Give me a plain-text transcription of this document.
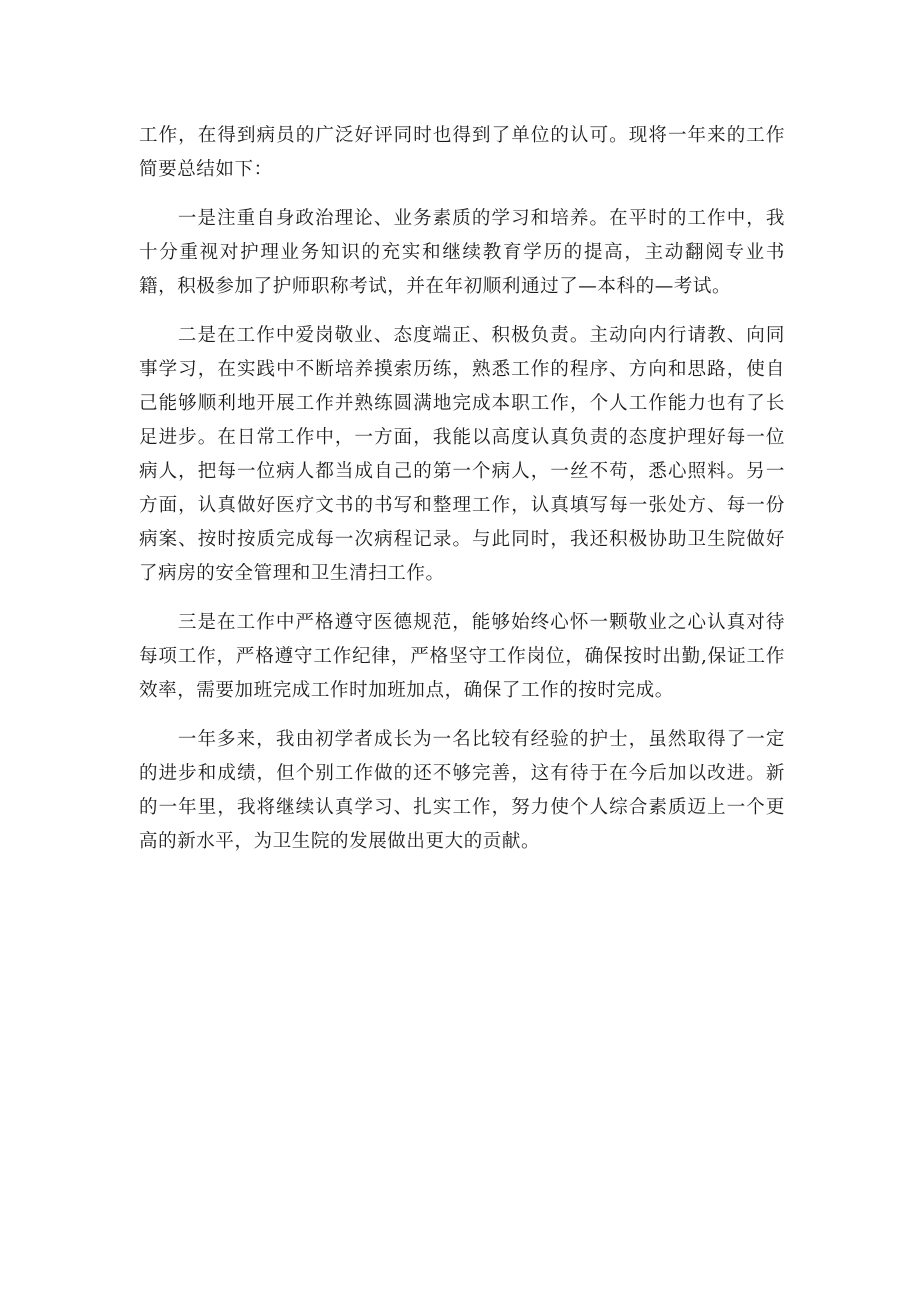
工作，在得到病员的广泛好评同时也得到了单位的认可。现将一年来的工作简要总结如下：

一是注重自身政治理论、业务素质的学习和培养。在平时的工作中，我十分重视对护理业务知识的充实和继续教育学历的提高，主动翻阅专业书籍，积极参加了护师职称考试，并在年初顺利通过了—本科的—考试。

二是在工作中爱岗敬业、态度端正、积极负责。主动向内行请教、向同事学习，在实践中不断培养摸索历练，熟悉工作的程序、方向和思路，使自己能够顺利地开展工作并熟练圆满地完成本职工作，个人工作能力也有了长足进步。在日常工作中，一方面，我能以高度认真负责的态度护理好每一位病人，把每一位病人都当成自己的第一个病人，一丝不苟，悉心照料。另一方面，认真做好医疗文书的书写和整理工作，认真填写每一张处方、每一份病案、按时按质完成每一次病程记录。与此同时，我还积极协助卫生院做好了病房的安全管理和卫生清扫工作。

三是在工作中严格遵守医德规范，能够始终心怀一颗敬业之心认真对待每项工作，严格遵守工作纪律，严格坚守工作岗位，确保按时出勤,保证工作效率，需要加班完成工作时加班加点，确保了工作的按时完成。

一年多来，我由初学者成长为一名比较有经验的护士，虽然取得了一定的进步和成绩，但个别工作做的还不够完善，这有待于在今后加以改进。新的一年里，我将继续认真学习、扎实工作，努力使个人综合素质迈上一个更高的新水平，为卫生院的发展做出更大的贡献。
